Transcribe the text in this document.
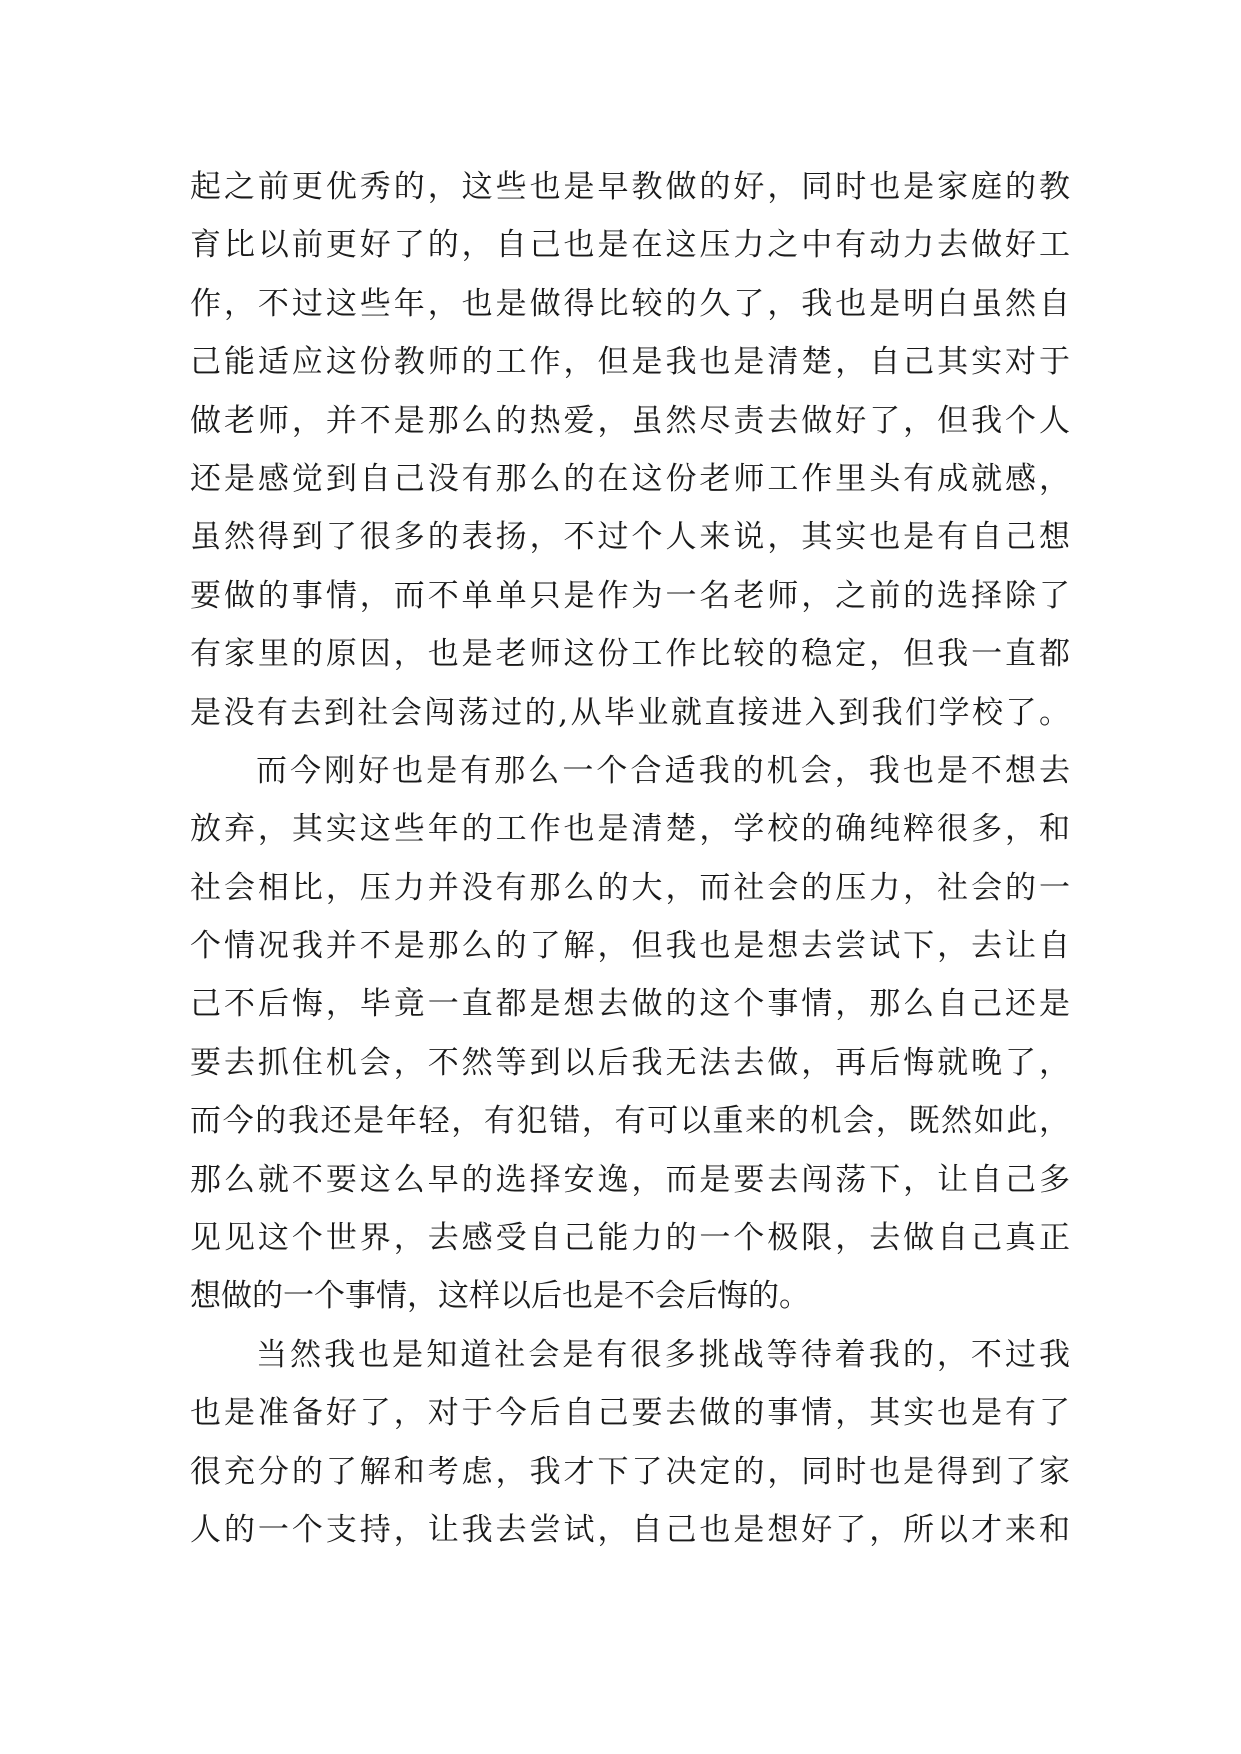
起之前更优秀的，这些也是早教做的好，同时也是家庭的教
育比以前更好了的，自己也是在这压力之中有动力去做好工
作，不过这些年，也是做得比较的久了，我也是明白虽然自
己能适应这份教师的工作，但是我也是清楚，自己其实对于
做老师，并不是那么的热爱，虽然尽责去做好了，但我个人
还是感觉到自己没有那么的在这份老师工作里头有成就感，
虽然得到了很多的表扬，不过个人来说，其实也是有自己想
要做的事情，而不单单只是作为一名老师，之前的选择除了
有家里的原因，也是老师这份工作比较的稳定，但我一直都
是没有去到社会闯荡过的,从毕业就直接进入到我们学校了。
而今刚好也是有那么一个合适我的机会，我也是不想去
放弃，其实这些年的工作也是清楚，学校的确纯粹很多，和
社会相比，压力并没有那么的大，而社会的压力，社会的一
个情况我并不是那么的了解，但我也是想去尝试下，去让自
己不后悔，毕竟一直都是想去做的这个事情，那么自己还是
要去抓住机会，不然等到以后我无法去做，再后悔就晚了，
而今的我还是年轻，有犯错，有可以重来的机会，既然如此，
那么就不要这么早的选择安逸，而是要去闯荡下，让自己多
见见这个世界，去感受自己能力的一个极限，去做自己真正
想做的一个事情，这样以后也是不会后悔的。
当然我也是知道社会是有很多挑战等待着我的，不过我
也是准备好了，对于今后自己要去做的事情，其实也是有了
很充分的了解和考虑，我才下了决定的，同时也是得到了家
人的一个支持，让我去尝试，自己也是想好了，所以才来和
